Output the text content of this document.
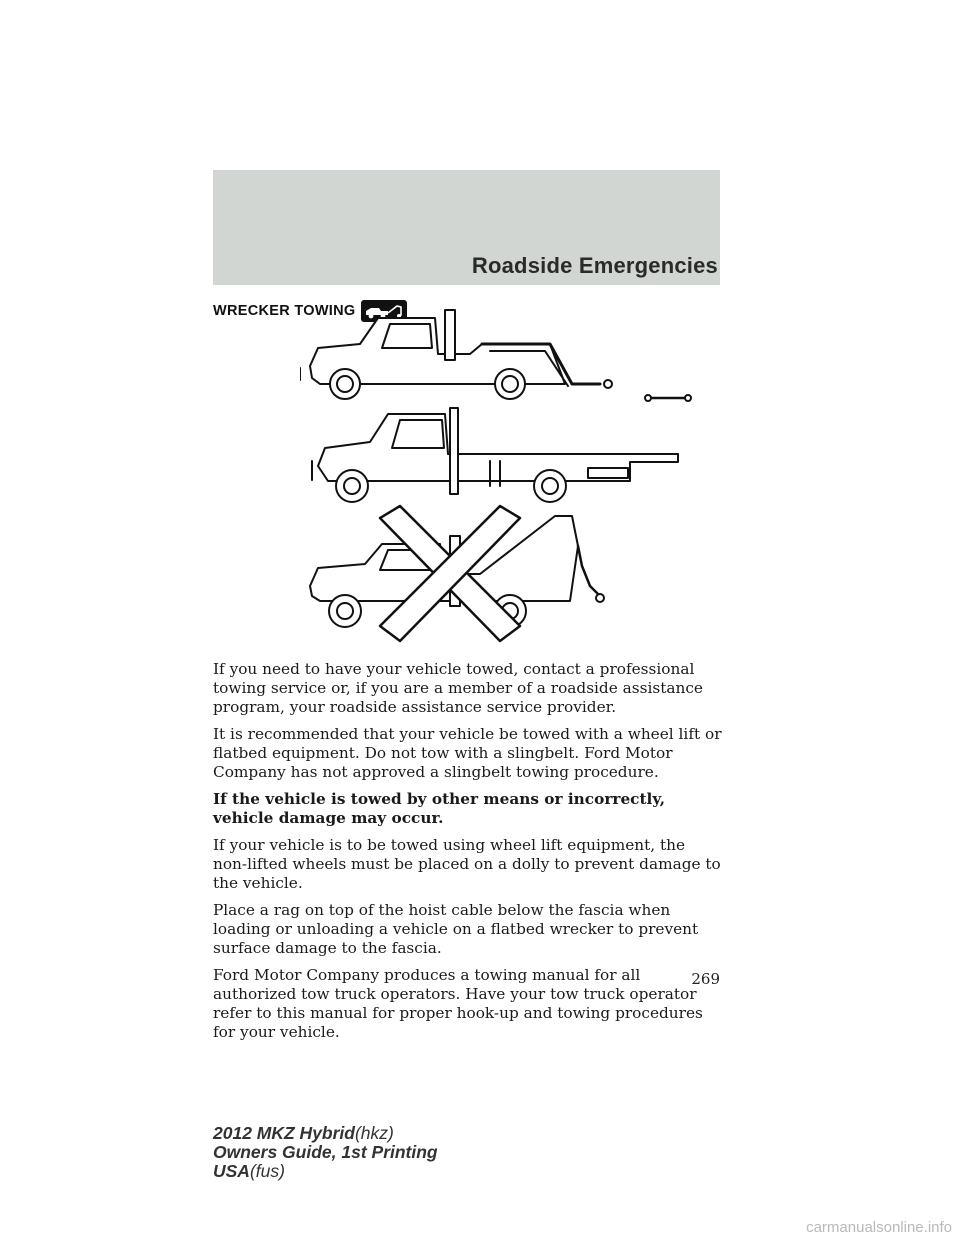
Roadside Emergencies
WRECKER TOWING

If you need to have your vehicle towed, contact a professional towing service or, if you are a member of a roadside assistance program, your roadside assistance service provider.

It is recommended that your vehicle be towed with a wheel lift or flatbed equipment. Do not tow with a slingbelt. Ford Motor Company has not approved a slingbelt towing procedure.

If the vehicle is towed by other means or incorrectly, vehicle damage may occur.

If your vehicle is to be towed using wheel lift equipment, the non-lifted wheels must be placed on a dolly to prevent damage to the vehicle.

Place a rag on top of the hoist cable below the fascia when loading or unloading a vehicle on a flatbed wrecker to prevent surface damage to the fascia.

Ford Motor Company produces a towing manual for all authorized tow truck operators. Have your tow truck operator refer to this manual for proper hook-up and towing procedures for your vehicle.

269
2012 MKZ Hybrid(hkz)
Owners Guide, 1st Printing
USA(fus)
carmanualsonline.info
